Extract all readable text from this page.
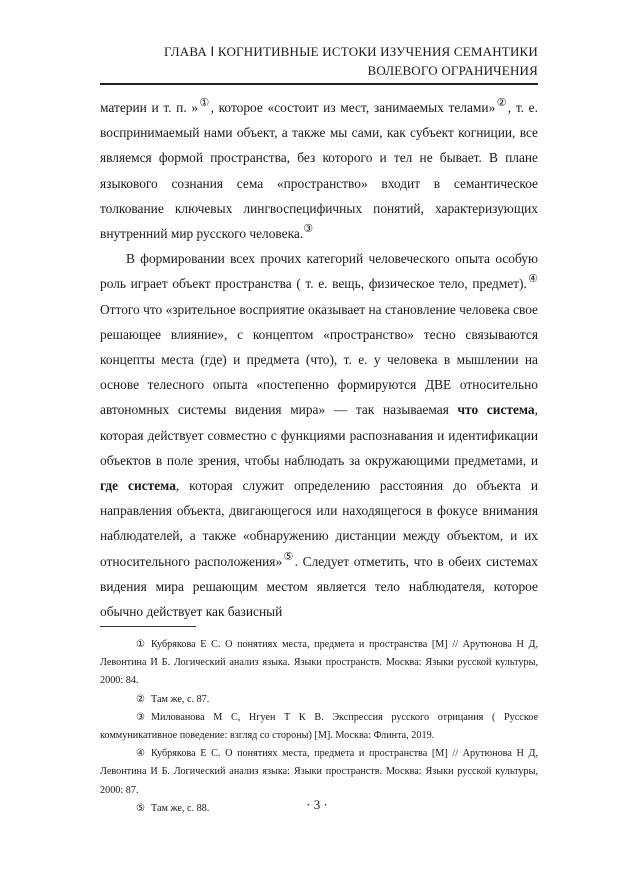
ГЛАВА Ⅰ КОГНИТИВНЫЕ ИСТОКИ ИЗУЧЕНИЯ СЕМАНТИКИ
ВОЛЕВОГО ОГРАНИЧЕНИЯ

материи и т. п. »①, которое «состоит из мест, занимаемых телами»②, т. е. воспринимаемый нами объект, а также мы сами, как субъект когниции, все являемся формой пространства, без которого и тел не бывает. В плане языкового сознания сема «пространство» входит в семантическое толкование ключевых лингвоспецифичных понятий, характеризующих внутренний мир русского человека.③

В формировании всех прочих категорий человеческого опыта особую роль играет объект пространства ( т. е. вещь, физическое тело, предмет).④ Оттого что «зрительное восприятие оказывает на становление человека свое решающее влияние», с концептом «пространство» тесно связываются концепты места (где) и предмета (что), т. е. у человека в мышлении на основе телесного опыта «постепенно формируются ДВЕ относительно автономных системы видения мира» — так называемая что система, которая действует совместно с функциями распознавания и идентификации объектов в поле зрения, чтобы наблюдать за окружающими предметами, и где система, которая служит определению расстояния до объекта и направления объекта, двигающегося или находящегося в фокусе внимания наблюдателей, а также «обнаружению дистанции между объектом, и их относительного расположения»⑤. Следует отметить, что в обеих системах видения мира решающим местом является тело наблюдателя, которое обычно действует как базисный

① Кубрякова Е С. О понятиях места, предмета и пространства [М] // Арутюнова Н Д, Левонтина И Б. Логический анализ языка. Языки пространств. Москва: Языки русской культуры, 2000: 84.

② Там же, с. 87.

③ Милованова М С, Нгуен Т К В. Экспрессия русского отрицания ( Русское коммуникативное поведение: взгляд со стороны) [М]. Москва: Флинта, 2019.

④ Кубрякова Е С. О понятиях места, предмета и пространства [М] // Арутюнова Н Д, Левонтина И Б. Логический анализ языка: Языки пространств. Москва: Языки русской культуры, 2000: 87.

⑤ Там же, с. 88.	· 3 ·
